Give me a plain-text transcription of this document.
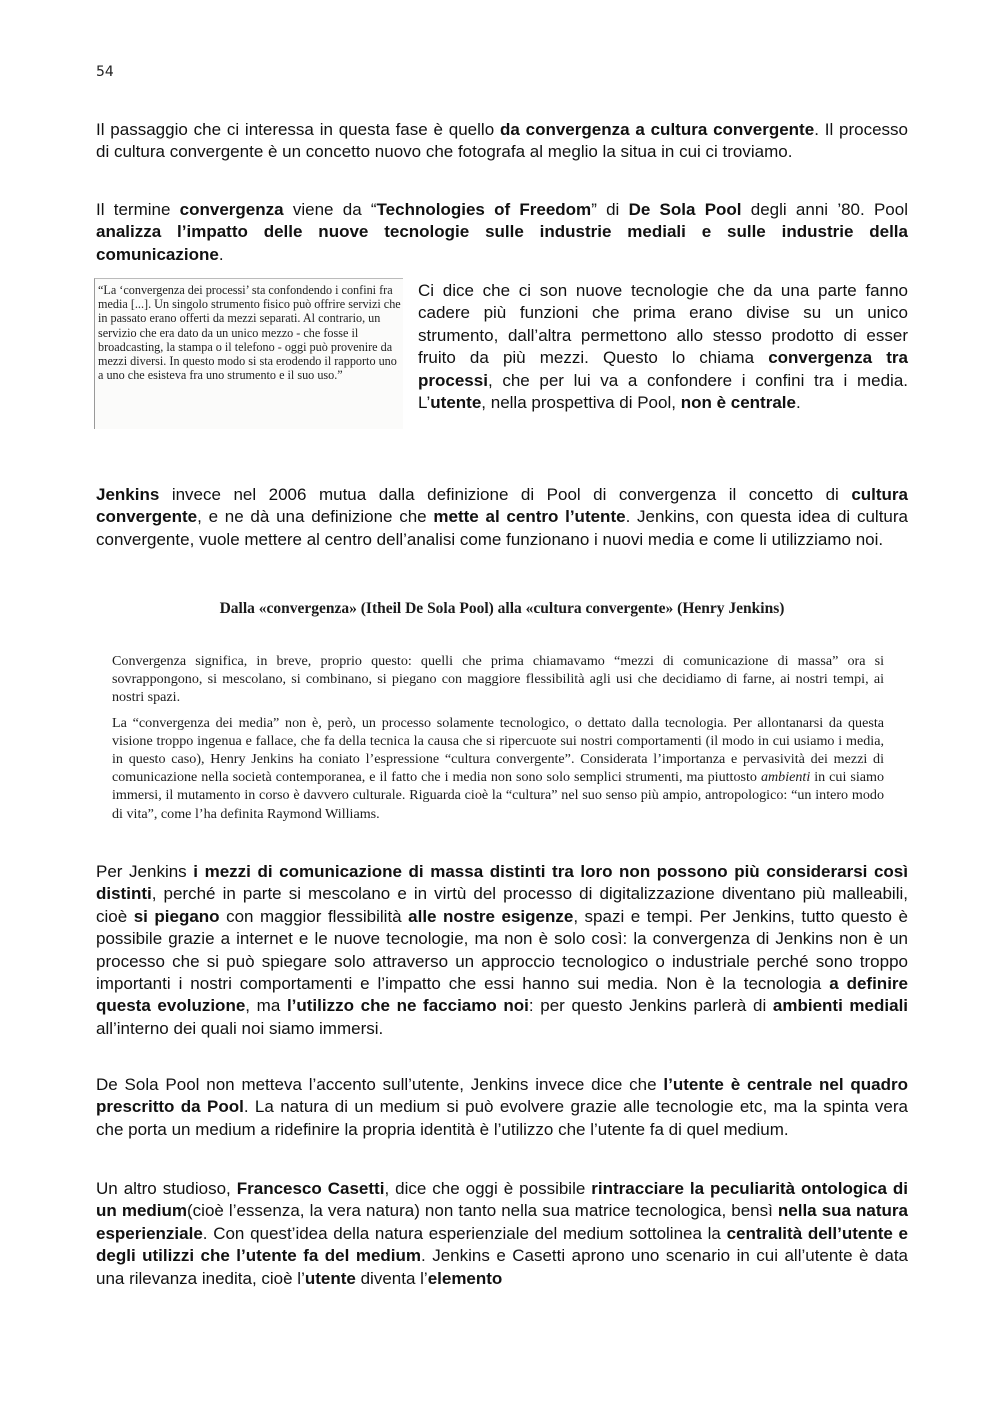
54

Il passaggio che ci interessa in questa fase è quello da convergenza a cultura convergente. Il processo di cultura convergente è un concetto nuovo che fotografa al meglio la situa in cui ci troviamo.

Il termine convergenza viene da “Technologies of Freedom” di De Sola Pool degli anni ’80. Pool analizza l’impatto delle nuove tecnologie sulle industrie mediali e sulle industrie della comunicazione.

“La ‘convergenza dei processi’ sta confondendo i confini fra media [...]. Un singolo strumento fisico può offrire servizi che in passato erano offerti da mezzi separati. Al contrario, un servizio che era dato da un unico mezzo - che fosse il broadcasting, la stampa o il telefono - oggi può provenire da mezzi diversi. In questo modo si sta erodendo il rapporto uno a uno che esisteva fra uno strumento e il suo uso.”

Ci dice che ci son nuove tecnologie che da una parte fanno cadere più funzioni che prima erano divise su un unico strumento, dall’altra permettono allo stesso prodotto di esser fruito da più mezzi. Questo lo chiama convergenza tra processi, che per lui va a confondere i confini tra i media. L’utente, nella prospettiva di Pool, non è centrale.

Jenkins invece nel 2006 mutua dalla definizione di Pool di convergenza il concetto di cultura convergente, e ne dà una definizione che mette al centro l’utente. Jenkins, con questa idea di cultura convergente, vuole mettere al centro dell’analisi come funzionano i nuovi media e come li utilizziamo noi.

Dalla «convergenza» (Itheil De Sola Pool) alla «cultura convergente» (Henry Jenkins)

Convergenza significa, in breve, proprio questo: quelli che prima chiamavamo “mezzi di comunicazione di massa” ora si sovrappongono, si mescolano, si combinano, si piegano con maggiore flessibilità agli usi che decidiamo di farne, ai nostri tempi, ai nostri spazi.

La “convergenza dei media” non è, però, un processo solamente tecnologico, o dettato dalla tecnologia. Per allontanarsi da questa visione troppo ingenua e fallace, che fa della tecnica la causa che si ripercuote sui nostri comportamenti (il modo in cui usiamo i media, in questo caso), Henry Jenkins ha coniato l’espressione “cultura convergente”. Considerata l’importanza e pervasività dei mezzi di comunicazione nella società contemporanea, e il fatto che i media non sono solo semplici strumenti, ma piuttosto ambienti in cui siamo immersi, il mutamento in corso è davvero culturale. Riguarda cioè la “cultura” nel suo senso più ampio, antropologico: “un intero modo di vita”, come l’ha definita Raymond Williams.

Per Jenkins i mezzi di comunicazione di massa distinti tra loro non possono più considerarsi così distinti, perché in parte si mescolano e in virtù del processo di digitalizzazione diventano più malleabili, cioè si piegano con maggior flessibilità alle nostre esigenze, spazi e tempi. Per Jenkins, tutto questo è possibile grazie a internet e le nuove tecnologie, ma non è solo così: la convergenza di Jenkins non è un processo che si può spiegare solo attraverso un approccio tecnologico o industriale perché sono troppo importanti i nostri comportamenti e l’impatto che essi hanno sui media. Non è la tecnologia a definire questa evoluzione, ma l’utilizzo che ne facciamo noi: per questo Jenkins parlerà di ambienti mediali all’interno dei quali noi siamo immersi.

De Sola Pool non metteva l’accento sull’utente, Jenkins invece dice che l’utente è centrale nel quadro prescritto da Pool. La natura di un medium si può evolvere grazie alle tecnologie etc, ma la spinta vera che porta un medium a ridefinire la propria identità è l’utilizzo che l’utente fa di quel medium.

Un altro studioso, Francesco Casetti, dice che oggi è possibile rintracciare la peculiarità ontologica di un medium(cioè l’essenza, la vera natura) non tanto nella sua matrice tecnologica, bensì nella sua natura esperienziale. Con quest’idea della natura esperienziale del medium sottolinea la centralità dell’utente e degli utilizzi che l’utente fa del medium. Jenkins e Casetti aprono uno scenario in cui all’utente è data una rilevanza inedita, cioè l’utente diventa l’elemento
